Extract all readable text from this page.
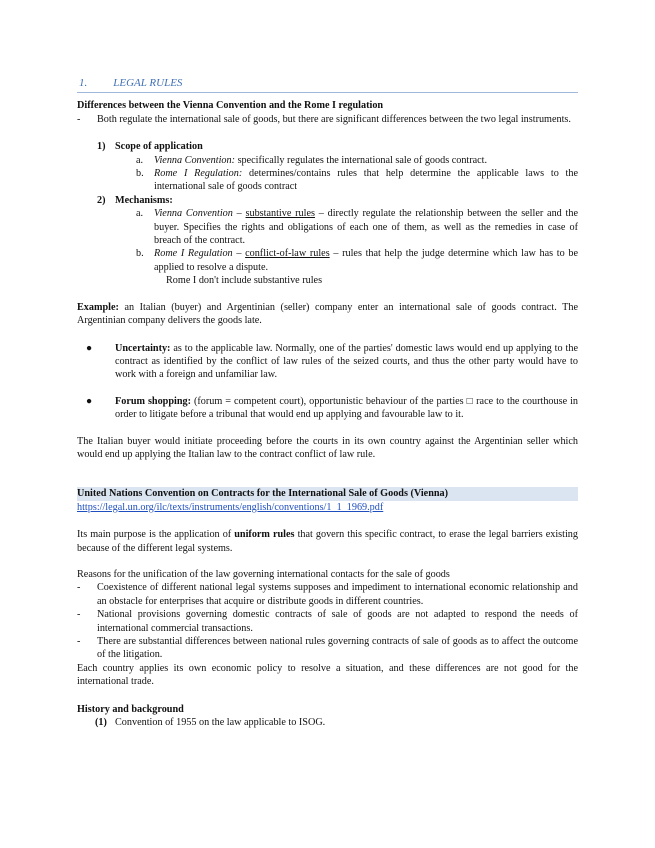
1. LEGAL RULES

Differences between the Vienna Convention and the Rome I regulation

-	Both regulate the international sale of goods, but there are significant differences between the two legal instruments.
1) Scope of application
a.	Vienna Convention: specifically regulates the international sale of goods contract.
b.	Rome I Regulation: determines/contains rules that help determine the applicable laws to the international sale of goods contract
2) Mechanisms:
a.	Vienna Convention – substantive rules – directly regulate the relationship between the seller and the buyer. Specifies the rights and obligations of each one of them, as well as the remedies in case of breach of the contract.
b.	Rome I Regulation – conflict-of-law rules – rules that help the judge determine which law has to be applied to resolve a dispute.

Rome I don't include substantive rules

Example: an Italian (buyer) and Argentinian (seller) company enter an international sale of goods contract. The Argentinian company delivers the goods late.

●	Uncertainty: as to the applicable law. Normally, one of the parties' domestic laws would end up applying to the contract as identified by the conflict of law rules of the seized courts, and thus the other party would have to work with a foreign and unfamiliar law.
●	Forum shopping: (forum = competent court), opportunistic behaviour of the parties □ race to the courthouse in order to litigate before a tribunal that would end up applying and favourable law to it.

The Italian buyer would initiate proceeding before the courts in its own country against the Argentinian seller which would end up applying the Italian law to the contract conflict of law rule.

United Nations Convention on Contracts for the International Sale of Goods (Vienna)

https://legal.un.org/ilc/texts/instruments/english/conventions/1_1_1969.pdf

Its main purpose is the application of uniform rules that govern this specific contract, to erase the legal barriers existing because of the different legal systems.

Reasons for the unification of the law governing international contacts for the sale of goods

-	Coexistence of different national legal systems supposes and impediment to international economic relationship and an obstacle for enterprises that acquire or distribute goods in different countries.
-	National provisions governing domestic contracts of sale of goods are not adapted to respond the needs of international commercial transactions.
-	There are substantial differences between national rules governing contracts of sale of goods as to affect the outcome of the litigation.

Each country applies its own economic policy to resolve a situation, and these differences are not good for the international trade.

History and background

(1) Convention of 1955 on the law applicable to ISOG.
